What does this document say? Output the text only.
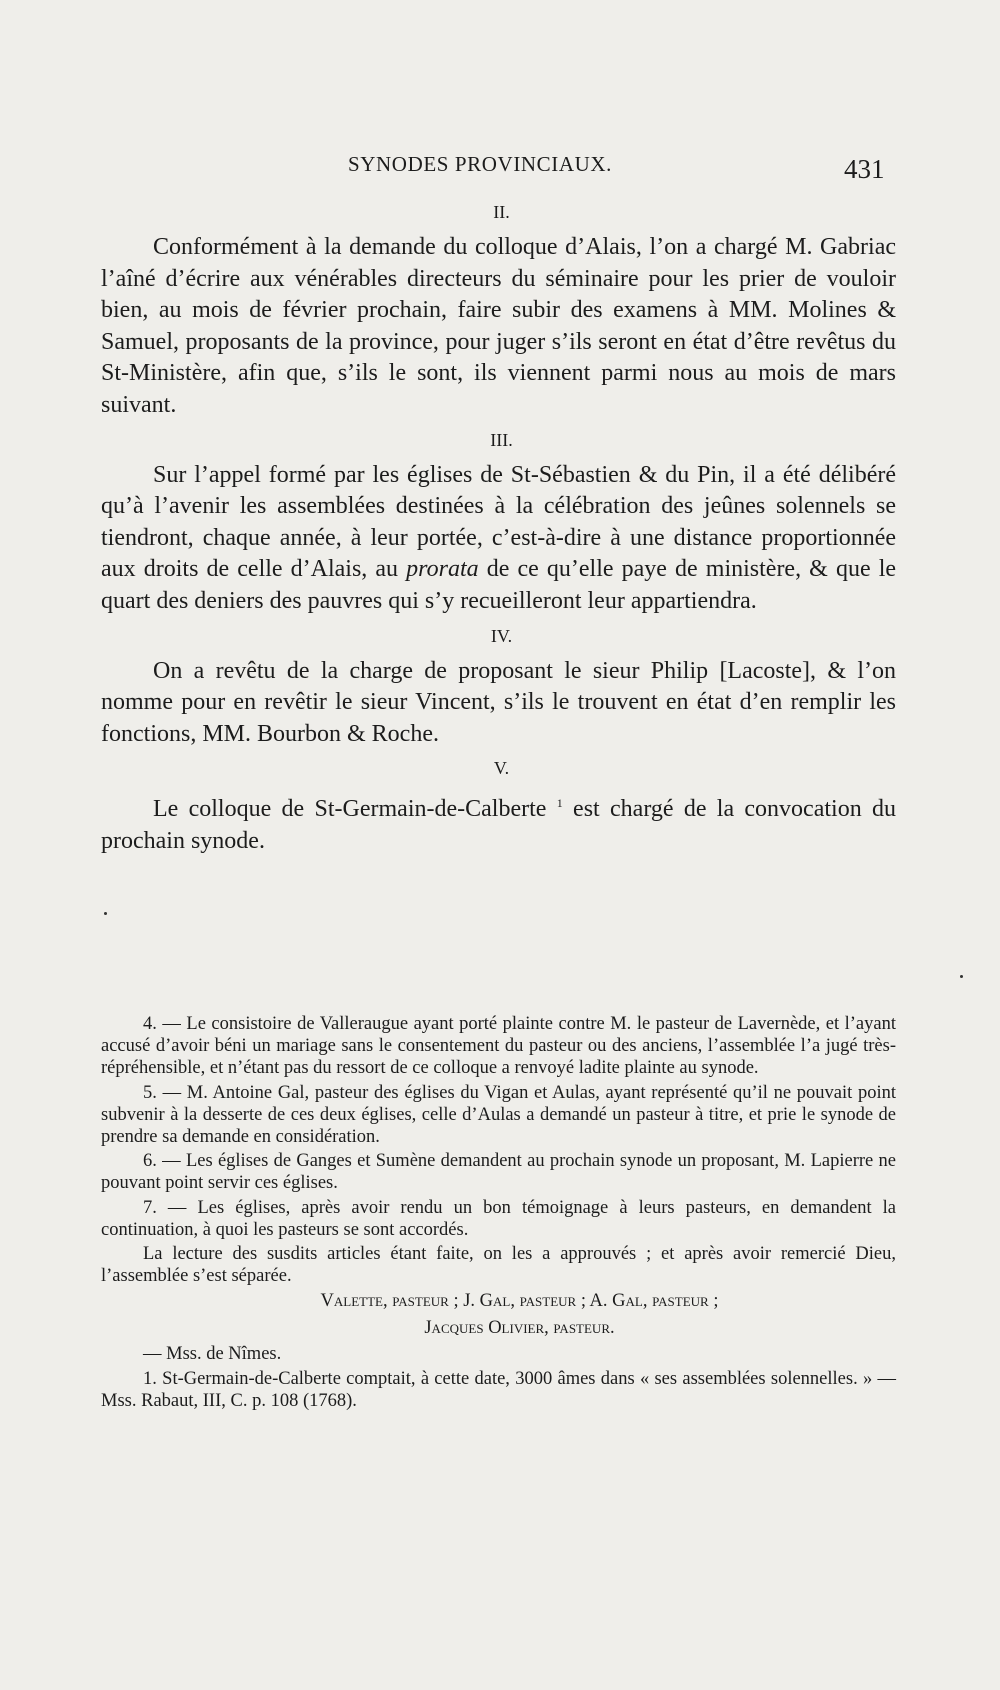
SYNODES PROVINCIAUX.	431

II.

Conformément à la demande du colloque d’Alais, l’on a chargé M. Gabriac l’aîné d’écrire aux vénérables directeurs du séminaire pour les prier de vouloir bien, au mois de février prochain, faire subir des examens à MM. Molines & Samuel, proposants de la province, pour juger s’ils seront en état d’être revêtus du St-Ministère, afin que, s’ils le sont, ils viennent parmi nous au mois de mars suivant.

III.

Sur l’appel formé par les églises de St-Sébastien & du Pin, il a été délibéré qu’à l’avenir les assemblées destinées à la célébration des jeûnes solennels se tiendront, chaque année, à leur portée, c’est-à-dire à une distance proportionnée aux droits de celle d’Alais, au prorata de ce qu’elle paye de ministère, & que le quart des deniers des pauvres qui s’y recueilleront leur appartiendra.

IV.

On a revêtu de la charge de proposant le sieur Philip [Lacoste], & l’on nomme pour en revêtir le sieur Vincent, s’ils le trouvent en état d’en remplir les fonctions, MM. Bourbon & Roche.

V.

Le colloque de St-Germain-de-Calberte $^1$ est chargé de la convocation du prochain synode.

4. — Le consistoire de Valleraugue ayant porté plainte contre M. le pasteur de Lavernède, et l’ayant accusé d’avoir béni un mariage sans le consentement du pasteur ou des anciens, l’assemblée l’a jugé très-répréhensible, et n’étant pas du ressort de ce colloque a renvoyé ladite plainte au synode.

5. — M. Antoine Gal, pasteur des églises du Vigan et Aulas, ayant représenté qu’il ne pouvait point subvenir à la desserte de ces deux églises, celle d’Aulas a demandé un pasteur à titre, et prie le synode de prendre sa demande en considération.

6. — Les églises de Ganges et Sumène demandent au prochain synode un proposant, M. Lapierre ne pouvant point servir ces églises.

7. — Les églises, après avoir rendu un bon témoignage à leurs pasteurs, en demandent la continuation, à quoi les pasteurs se sont accordés.

La lecture des susdits articles étant faite, on les a approuvés ; et après avoir remercié Dieu, l’assemblée s’est séparée.

Valette, pasteur ; J. Gal, pasteur ; A. Gal, pasteur ;

Jacques Olivier, pasteur.

— Mss. de Nîmes.

1. St-Germain-de-Calberte comptait, à cette date, 3000 âmes dans « ses assemblées solennelles. » — Mss. Rabaut, III, C. p. 108 (1768).
